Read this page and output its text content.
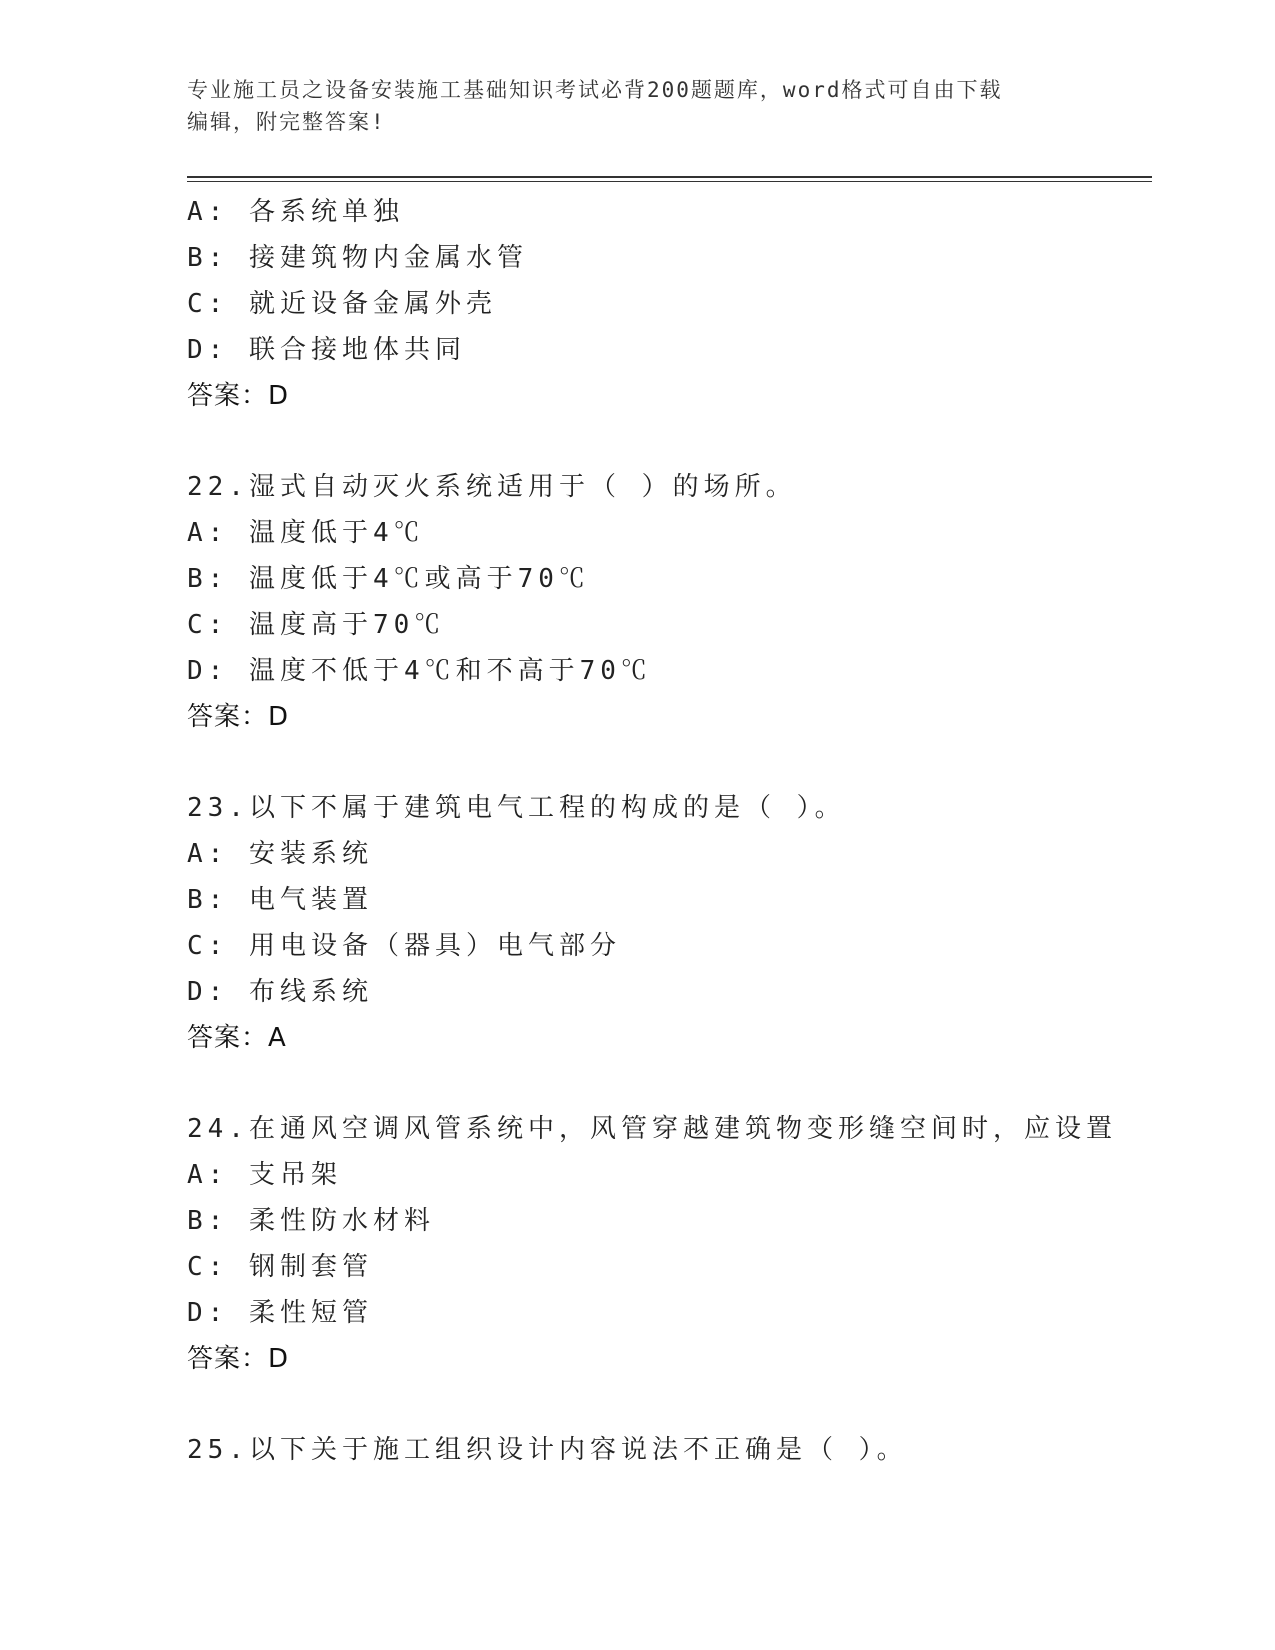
专业施工员之设备安装施工基础知识考试必背200题题库，word格式可自由下载
编辑，附完整答案!
A: 各系统单独
B: 接建筑物内金属水管
C: 就近设备金属外壳
D: 联合接地体共同
答案：D
22.湿式自动灭火系统适用于（ ）的场所。
A: 温度低于4℃
B: 温度低于4℃或高于70℃
C: 温度高于70℃
D: 温度不低于4℃和不高于70℃
答案：D
23.以下不属于建筑电气工程的构成的是（ ）。
A: 安装系统
B: 电气装置
C: 用电设备（器具）电气部分
D: 布线系统
答案：A
24.在通风空调风管系统中，风管穿越建筑物变形缝空间时，应设置
A: 支吊架
B: 柔性防水材料
C: 钢制套管
D: 柔性短管
答案：D
25.以下关于施工组织设计内容说法不正确是（ ）。
